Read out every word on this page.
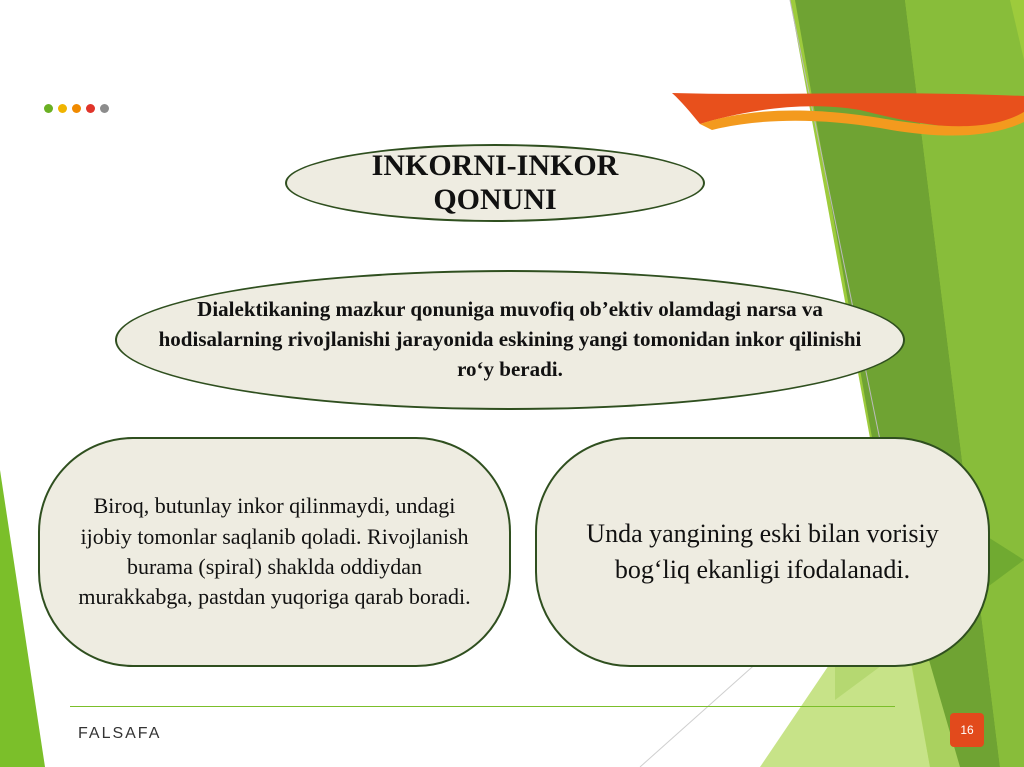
INKORNI-INKOR QONUNI
Dialektikaning mazkur qonuniga muvofiq ob’ektiv olamdagi narsa va hodisalarning rivojlanishi jarayonida eskining yangi tomonidan inkor qilinishi ro‘y beradi.
Biroq, butunlay inkor qilinmaydi, undagi ijobiy tomonlar saqlanib qoladi. Rivojlanish burama (spiral) shaklda oddiydan murakkabga, pastdan yuqoriga qarab boradi.
Unda yangining eski bilan vorisiy bog‘liq ekanligi ifodalanadi.
FALSAFA	16
